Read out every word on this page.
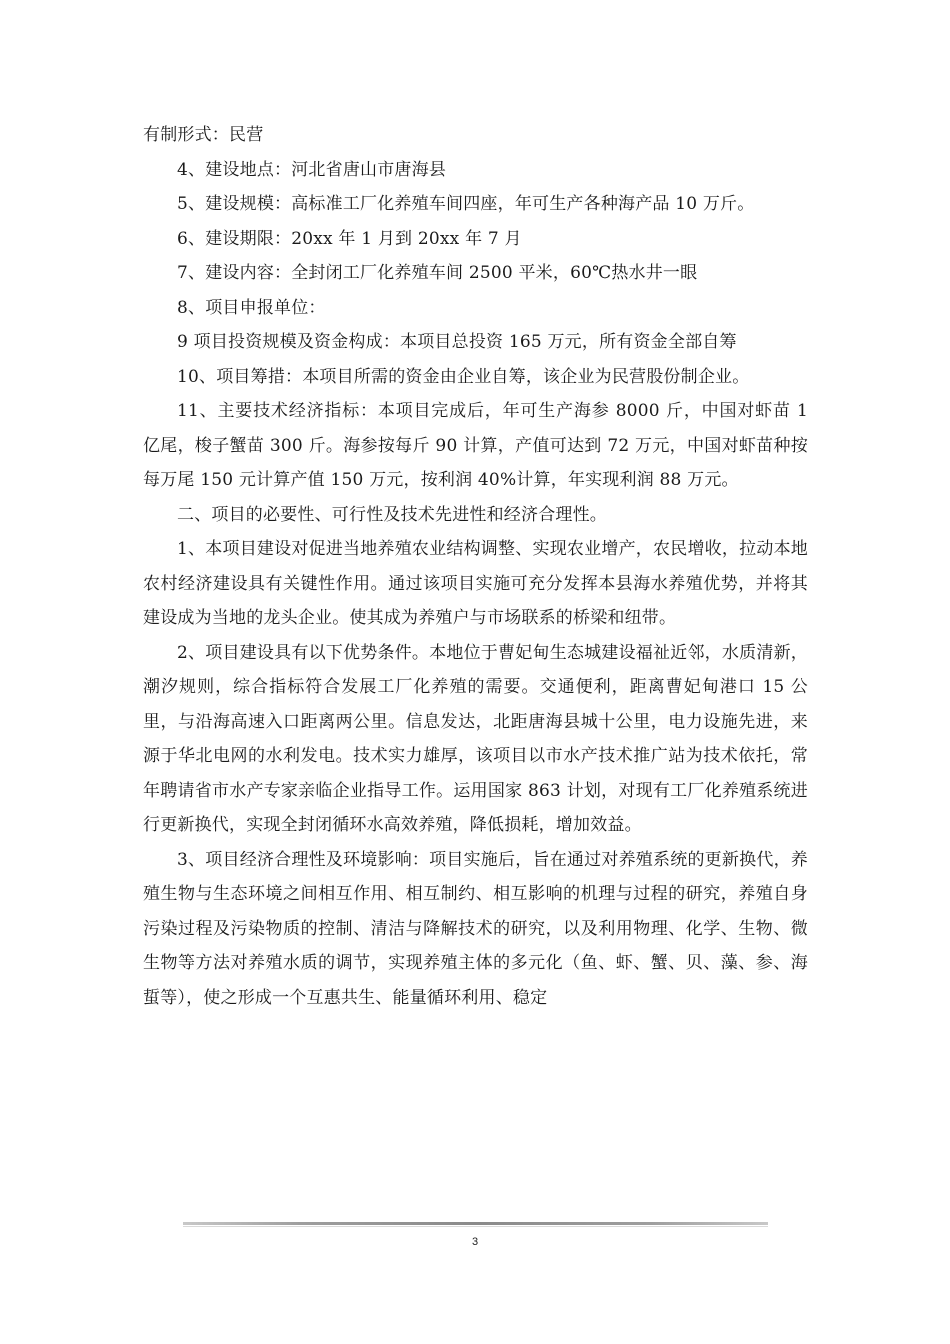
有制形式：民营

4、建设地点：河北省唐山市唐海县

5、建设规模：高标准工厂化养殖车间四座，年可生产各种海产品 10 万斤。

6、建设期限：20xx 年 1 月到 20xx 年 7 月

7、建设内容：全封闭工厂化养殖车间 2500 平米，60℃热水井一眼

8、项目申报单位：

9 项目投资规模及资金构成：本项目总投资 165 万元，所有资金全部自筹

10、项目筹措：本项目所需的资金由企业自筹，该企业为民营股份制企业。

11、主要技术经济指标：本项目完成后，年可生产海参 8000 斤，中国对虾苗 1 亿尾，梭子蟹苗 300 斤。海参按每斤 90 计算，产值可达到 72 万元，中国对虾苗种按每万尾 150 元计算产值 150 万元，按利润 40%计算，年实现利润 88 万元。

二、项目的必要性、可行性及技术先进性和经济合理性。

1、本项目建设对促进当地养殖农业结构调整、实现农业增产，农民增收，拉动本地农村经济建设具有关键性作用。通过该项目实施可充分发挥本县海水养殖优势，并将其建设成为当地的龙头企业。使其成为养殖户与市场联系的桥梁和纽带。

2、项目建设具有以下优势条件。本地位于曹妃甸生态城建设福祉近邻，水质清新，潮汐规则，综合指标符合发展工厂化养殖的需要。交通便利，距离曹妃甸港口 15 公里，与沿海高速入口距离两公里。信息发达，北距唐海县城十公里，电力设施先进，来源于华北电网的水利发电。技术实力雄厚，该项目以市水产技术推广站为技术依托，常年聘请省市水产专家亲临企业指导工作。运用国家 863 计划，对现有工厂化养殖系统进行更新换代，实现全封闭循环水高效养殖，降低损耗，增加效益。

3、项目经济合理性及环境影响：项目实施后，旨在通过对养殖系统的更新换代，养殖生物与生态环境之间相互作用、相互制约、相互影响的机理与过程的研究，养殖自身污染过程及污染物质的控制、清洁与降解技术的研究，以及利用物理、化学、生物、微生物等方法对养殖水质的调节，实现养殖主体的多元化（鱼、虾、蟹、贝、藻、参、海蜇等），使之形成一个互惠共生、能量循环利用、稳定

3
